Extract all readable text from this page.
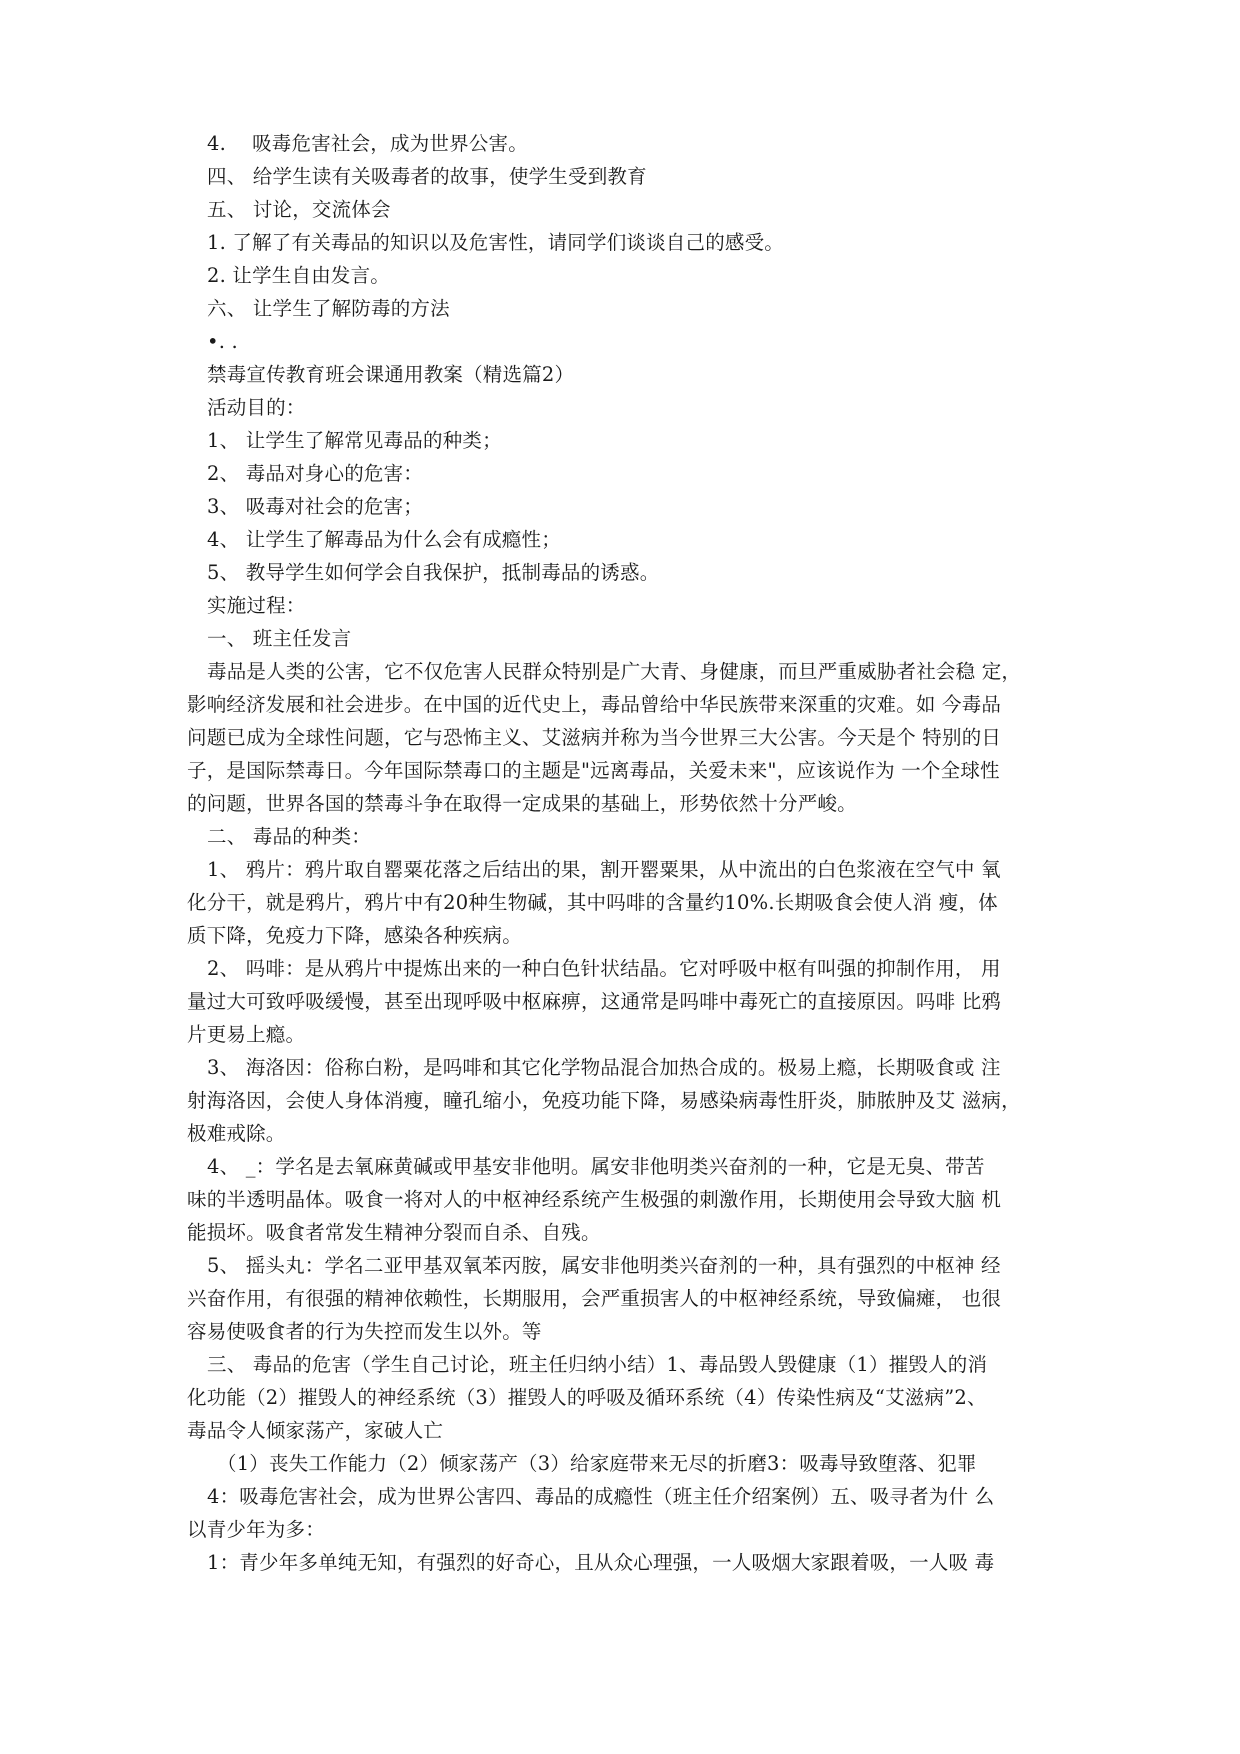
4.　 吸毒危害社会，成为世界公害。
四、 给学生读有关吸毒者的故事，使学生受到教育
五、 讨论，交流体会
1. 了解了有关毒品的知识以及危害性，请同学们谈谈自己的感受。
2. 让学生自由发言。
六、 让学生了解防毒的方法
•. .
禁毒宣传教育班会课通用教案（精选篇2）
活动目的：
1、 让学生了解常见毒品的种类；
2、 毒品对身心的危害：
3、 吸毒对社会的危害；
4、 让学生了解毒品为什么会有成瘾性；
5、 教导学生如何学会自我保护，抵制毒品的诱惑。
实施过程：
一、 班主任发言
毒品是人类的公害，它不仅危害人民群众特别是广大青、身健康，而旦严重威胁者社会稳 定，
影响经济发展和社会进步。在中国的近代史上，毒品曾给中华民族带来深重的灾难。如 今毒品
问题已成为全球性问题，它与恐怖主义、艾滋病并称为当今世界三大公害。今天是个 特别的日
子，是国际禁毒日。今年国际禁毒口的主题是"远离毒品，关爱未来"，应该说作为 一个全球性
的问题，世界各国的禁毒斗争在取得一定成果的基础上，形势依然十分严峻。
二、 毒品的种类：
1、 鸦片：鸦片取自罂粟花落之后结出的果，割开罂粟果，从中流出的白色浆液在空气中 氧
化分干，就是鸦片，鸦片中有20种生物碱，其中吗啡的含量约10%.长期吸食会使人消 瘦，体
质下降，免疫力下降，感染各种疾病。
2、 吗啡：是从鸦片中提炼出来的一种白色针状结晶。它对呼吸中枢有叫强的抑制作用， 用
量过大可致呼吸缓慢，甚至出现呼吸中枢麻痹，这通常是吗啡中毒死亡的直接原因。吗啡 比鸦
片更易上瘾。
3、 海洛因：俗称白粉，是吗啡和其它化学物品混合加热合成的。极易上瘾，长期吸食或 注
射海洛因，会使人身体消瘦，瞳孔缩小，免疫功能下降，易感染病毒性肝炎，肺脓肿及艾 滋病，
极难戒除。
4、 _：学名是去氧麻黄碱或甲基安非他明。属安非他明类兴奋剂的一种，它是无臭、带苦
味的半透明晶体。吸食一将对人的中枢神经系统产生极强的刺激作用，长期使用会导致大脑 机
能损坏。吸食者常发生精神分裂而自杀、自残。
5、 摇头丸：学名二亚甲基双氧苯丙胺，属安非他明类兴奋剂的一种，具有强烈的中枢神 经
兴奋作用，有很强的精神依赖性，长期服用，会严重损害人的中枢神经系统，导致偏瘫， 也很
容易使吸食者的行为失控而发生以外。等
三、 毒品的危害（学生自己讨论，班主任归纳小结）1、毒品毁人毁健康（1）摧毁人的消
化功能（2）摧毁人的神经系统（3）摧毁人的呼吸及循环系统（4）传染性病及“艾滋病”2、
毒品令人倾家荡产，家破人亡
（1）丧失工作能力（2）倾家荡产（3）给家庭带来无尽的折磨3：吸毒导致堕落、犯罪
4：吸毒危害社会，成为世界公害四、毒品的成瘾性（班主任介绍案例）五、吸寻者为什 么
以青少年为多：
1：青少年多单纯无知，有强烈的好奇心，且从众心理强，一人吸烟大家跟着吸，一人吸 毒
